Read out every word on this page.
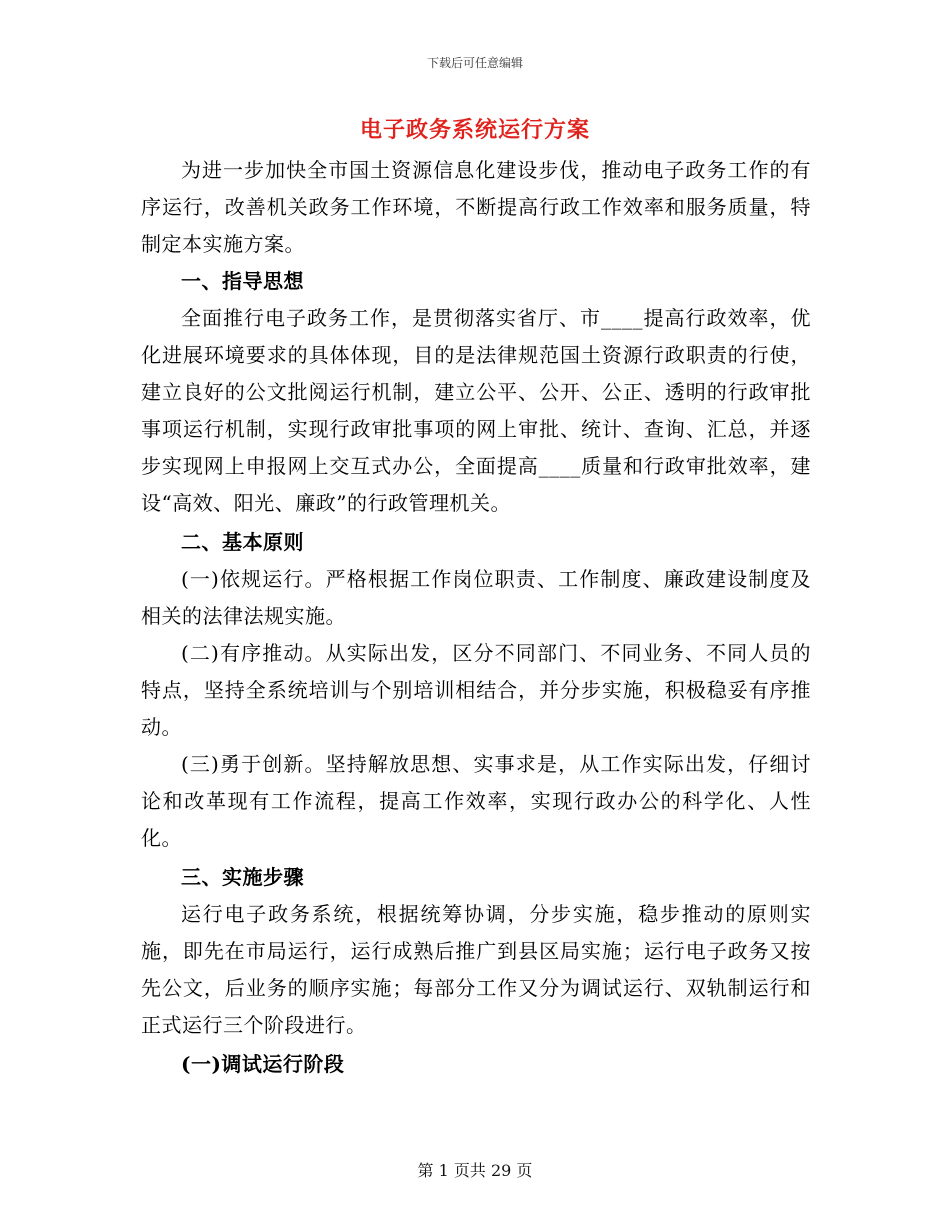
下载后可任意编辑
电子政务系统运行方案

为进一步加快全市国土资源信息化建设步伐，推动电子政务工作的有序运行，改善机关政务工作环境，不断提高行政工作效率和服务质量，特制定本实施方案。

一、指导思想

全面推行电子政务工作，是贯彻落实省厅、市____提高行政效率，优化进展环境要求的具体体现，目的是法律规范国土资源行政职责的行使，建立良好的公文批阅运行机制，建立公平、公开、公正、透明的行政审批事项运行机制，实现行政审批事项的网上审批、统计、查询、汇总，并逐步实现网上申报网上交互式办公，全面提高____质量和行政审批效率，建设“高效、阳光、廉政”的行政管理机关。

二、基本原则

(一)依规运行。严格根据工作岗位职责、工作制度、廉政建设制度及相关的法律法规实施。

(二)有序推动。从实际出发，区分不同部门、不同业务、不同人员的特点，坚持全系统培训与个别培训相结合，并分步实施，积极稳妥有序推动。

(三)勇于创新。坚持解放思想、实事求是，从工作实际出发，仔细讨论和改革现有工作流程，提高工作效率，实现行政办公的科学化、人性化。

三、实施步骤

运行电子政务系统，根据统筹协调，分步实施，稳步推动的原则实施，即先在市局运行，运行成熟后推广到县区局实施；运行电子政务又按先公文，后业务的顺序实施；每部分工作又分为调试运行、双轨制运行和正式运行三个阶段进行。

(一)调试运行阶段

第 1 页共 29 页
